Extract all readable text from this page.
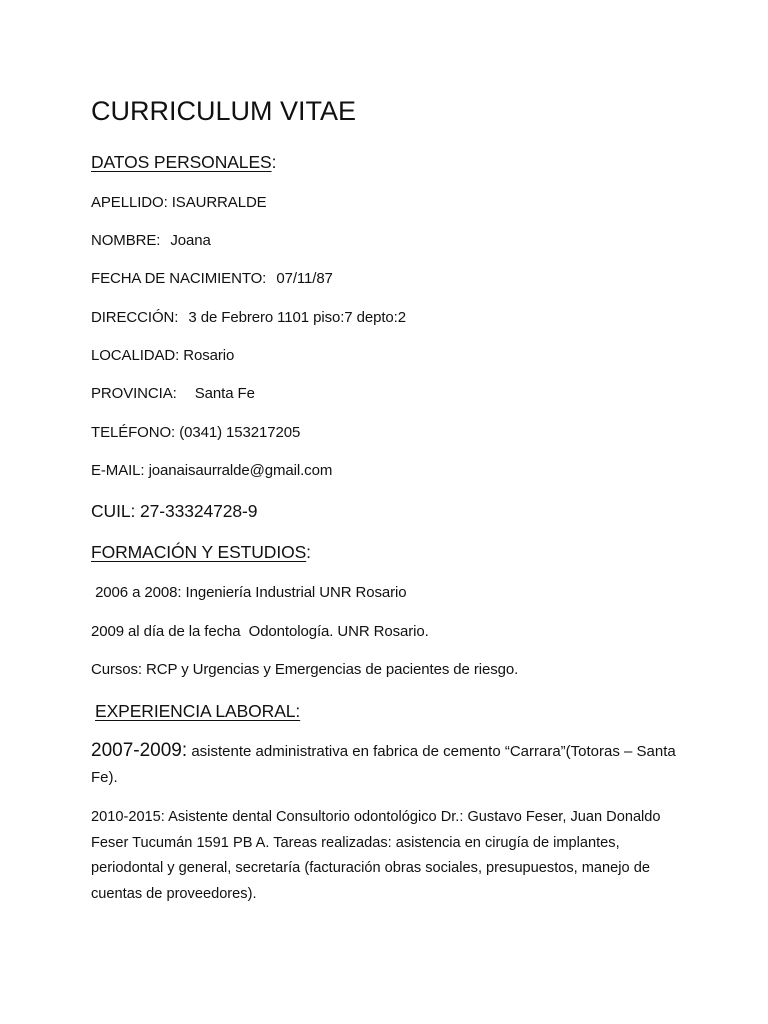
CURRICULUM VITAE
DATOS PERSONALES:
APELLIDO: ISAURRALDE
NOMBRE: Joana
FECHA DE NACIMIENTO: 07/11/87
DIRECCIÓN: 3 de Febrero 1101 piso:7 depto:2
LOCALIDAD: Rosario
PROVINCIA: Santa Fe
TELÉFONO: (0341) 153217205
E-MAIL: joanaisaurralde@gmail.com
CUIL: 27-33324728-9
FORMACIÓN Y ESTUDIOS:
2006 a 2008: Ingeniería Industrial UNR Rosario
2009 al día de la fecha  Odontología. UNR Rosario.
Cursos: RCP y Urgencias y Emergencias de pacientes de riesgo.
EXPERIENCIA LABORAL:
2007-2009: asistente administrativa en fabrica de cemento “Carrara”(Totoras – Santa Fe).
2010-2015: Asistente dental Consultorio odontológico Dr.: Gustavo Feser, Juan Donaldo Feser Tucumán 1591 PB A. Tareas realizadas: asistencia en cirugía de implantes, periodontal y general, secretaría (facturación obras sociales, presupuestos, manejo de cuentas de proveedores).
